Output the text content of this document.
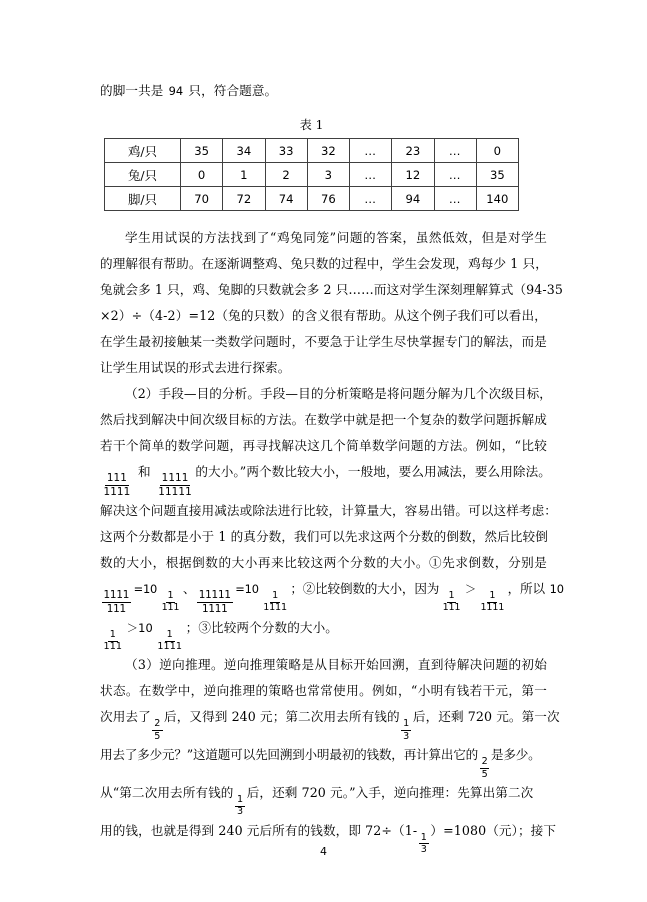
的脚一共是 94 只，符合题意。
表 1
鸡/只	35	34	33	32	…	23	…	0
兔/只	0	1	2	3	…	12	…	35
脚/只	70	72	74	76	…	94	…	140
学生用试误的方法找到了“鸡兔同笼”问题的答案，虽然低效，但是对学生
的理解很有帮助。在逐渐调整鸡、兔只数的过程中，学生会发现，鸡每少 1 只，
兔就会多 1 只，鸡、兔脚的只数就会多 2 只……而这对学生深刻理解算式（94-35
×2）÷（4-2）=12（兔的只数）的含义很有帮助。从这个例子我们可以看出，
在学生最初接触某一类数学问题时，不要急于让学生尽快掌握专门的解法，而是
让学生用试误的形式去进行探索。
（2）手段—目的分析。手段—目的分析策略是将问题分解为几个次级目标，
然后找到解决中间次级目标的方法。在数学中就是把一个复杂的数学问题拆解成
若干个简单的数学问题，再寻找解决这几个简单数学问题的方法。例如，“比较
$\frac{111}{1111}$
和
$\frac{1111}{11111}$
的大小。”两个数比较大小，一般地，要么用减法，要么用除法。
解决这个问题直接用减法或除法进行比较，计算量大，容易出错。可以这样考虑：
这两个分数都是小于 1 的真分数，我们可以先求这两个分数的倒数，然后比较倒
数的大小，根据倒数的大小再来比较这两个分数的大小。①先求倒数，分别是
$\frac{1111}{111}$
=10
$\frac{1}{111}$
、
$\frac{11111}{1111}$
=10
$\frac{1}{1111}$
；②比较倒数的大小，因为
$\frac{1}{111}$
＞
$\frac{1}{1111}$
，所以 10
$\frac{1}{111}$
＞10
$\frac{1}{1111}$
；③比较两个分数的大小。
（3）逆向推理。逆向推理策略是从目标开始回溯，直到待解决问题的初始
状态。在数学中，逆向推理的策略也常常使用。例如，“小明有钱若干元，第一
次用去了
$\frac{2}{5}$
后，又得到 240 元；第二次用去所有钱的
$\frac{1}{3}$
后，还剩 720 元。第一次
用去了多少元？”这道题可以先回溯到小明最初的钱数，再计算出它的
$\frac{2}{5}$
是多少。
从“第二次用去所有钱的
$\frac{1}{3}$
后，还剩 720 元。”入手，逆向推理：先算出第二次
用的钱，也就是得到 240 元后所有的钱数，即 72÷（1-
$\frac{1}{3}$
）=1080（元）；接下
4
